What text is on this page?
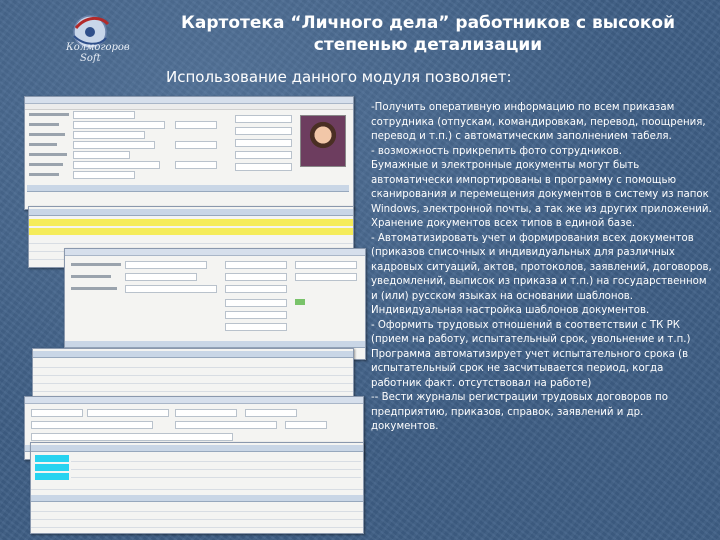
Колмогоров
Soft
Картотека “Личного дела” работников с высокой степенью детализации
Использование данного модуля позволяет:

-Получить оперативную информацию по всем приказам сотрудника (отпускам, командировкам, перевод, поощрения, перевод и т.п.) с автоматическим заполнением табеля.

- возможность прикрепить фото сотрудников.

Бумажные и электронные документы могут быть автоматически импортированы в программу с помощью сканирования и перемещения документов в систему из папок Windows, электронной почты, а так же из других приложений. Хранение документов всех типов в единой базе.

- Автоматизировать учет и формирования всех документов (приказов списочных и индивидуальных для различных кадровых ситуаций, актов, протоколов, заявлений, договоров, уведомлений, выписок из приказа и т.п.) на государственном и (или) русском языках на основании шаблонов. Индивидуальная настройка шаблонов документов.

- Оформить трудовых отношений в соответствии с ТК РК (прием на работу, испытательный срок, увольнение и т.п.) Программа автоматизирует учет испытательного срока (в испытательный срок не засчитывается период, когда работник факт. отсутствовал на работе)

-- Вести журналы регистрации трудовых договоров по предприятию, приказов, справок, заявлений и др. документов.
